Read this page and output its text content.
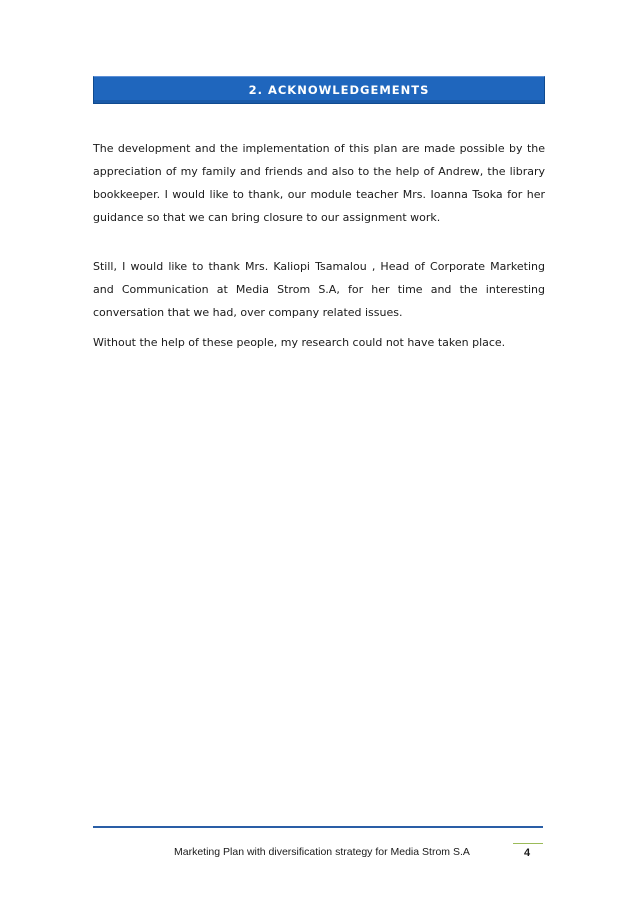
2. ACKNOWLEDGEMENTS

The development and the implementation of this plan are made possible by the appreciation of my family and friends and also to the help of Andrew, the library bookkeeper. I would like to thank, our module teacher Mrs. Ioanna Tsoka for her guidance so that we can bring closure to our assignment work.

Still, I would like to thank Mrs. Kaliopi Tsamalou , Head of Corporate Marketing and Communication at Media Strom S.A, for her time and the interesting conversation that we had, over company related issues.

Without the help of these people, my research could not have taken place.

Marketing Plan with diversification strategy for Media Strom S.A	4
